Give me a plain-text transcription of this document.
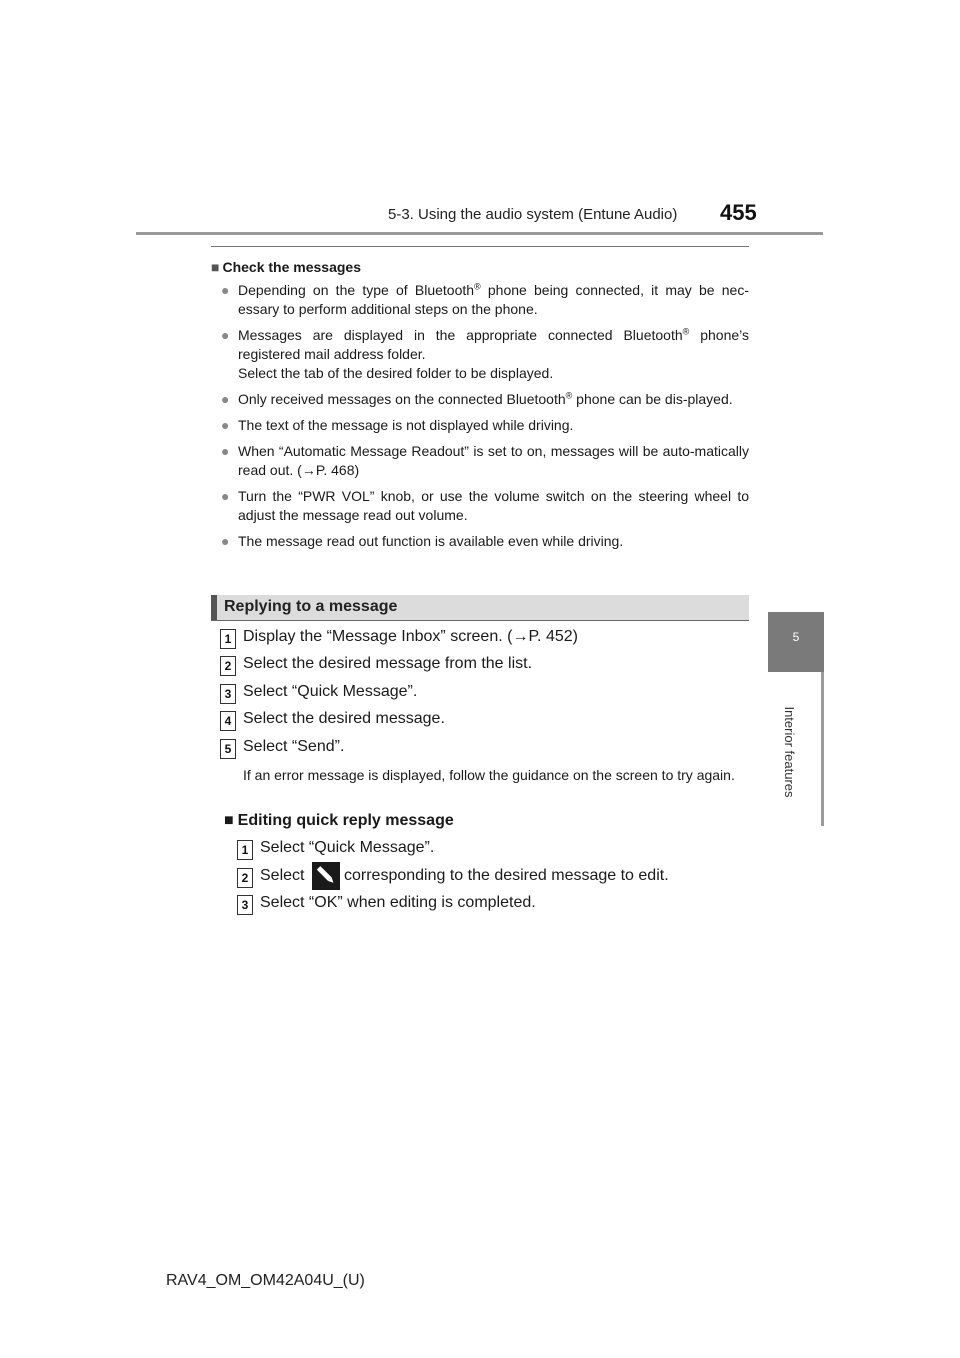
5-3. Using the audio system (Entune Audio) 455
5
Interior features
■ Check the messages
● Depending on the type of Bluetooth® phone being connected, it may be nec-essary to perform additional steps on the phone.
● Messages are displayed in the appropriate connected Bluetooth® phone’s registered mail address folder.
Select the tab of the desired folder to be displayed.
● Only received messages on the connected Bluetooth® phone can be dis-played.
● The text of the message is not displayed while driving.
● When “Automatic Message Readout” is set to on, messages will be auto-matically read out. (→P. 468)
● Turn the “PWR VOL” knob, or use the volume switch on the steering wheel to adjust the message read out volume.
● The message read out function is available even while driving.
Replying to a message
1 Display the “Message Inbox” screen. (→P. 452)
2 Select the desired message from the list.
3 Select “Quick Message”.
4 Select the desired message.
5 Select “Send”.
If an error message is displayed, follow the guidance on the screen to try again.
■ Editing quick reply message
1 Select “Quick Message”.
2 Select corresponding to the desired message to edit.
3 Select “OK” when editing is completed.
RAV4_OM_OM42A04U_(U)
